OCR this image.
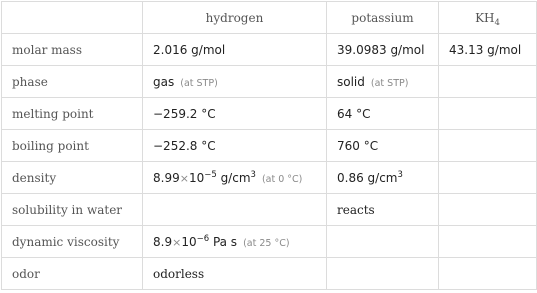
	hydrogen	potassium	$KH_4$
molar mass	2.016 g/mol	39.0983 g/mol	43.13 g/mol
phase	gas (at STP)	solid (at STP)	
melting point	−259.2 °C	64 °C	
boiling point	−252.8 °C	760 °C	
density	$8.99\times 10^{-5}$ $g/cm^3$ (at 0 °C)	0.86 $g/cm^3$	
solubility in water		reacts	
dynamic viscosity	$8.9\times 10^{-6}$ Pa s (at 25 °C)		
odor	odorless		
